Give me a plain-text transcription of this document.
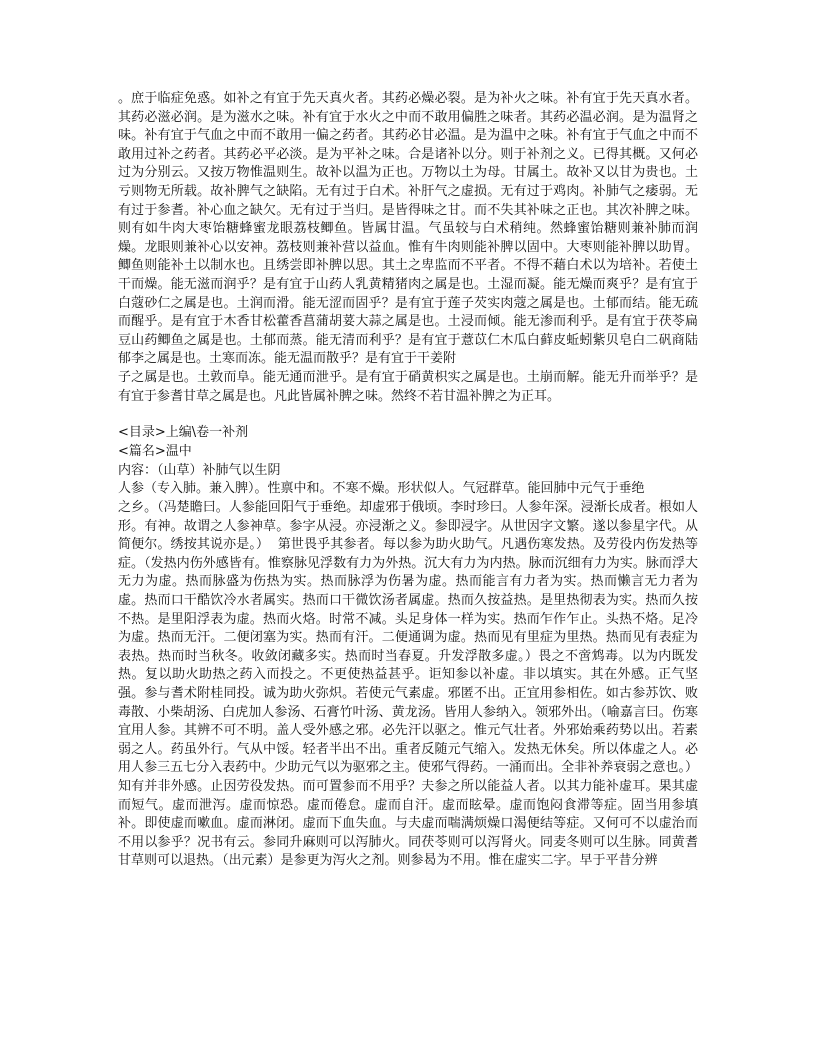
。庶于临症免惑。如补之有宜于先天真火者。其药必燥必裂。是为补火之味。补有宜于先天真水者。其药必滋必润。是为滋水之味。补有宜于水火之中而不敢用偏胜之味者。其药必温必润。是为温肾之味。补有宜于气血之中而不敢用一偏之药者。其药必甘必温。是为温中之味。补有宜于气血之中而不敢用过补之药者。其药必平必淡。是为平补之味。合是诸补以分。则于补剂之义。已得其概。又何必过为分别云。又按万物惟温则生。故补以温为正也。万物以土为母。甘属土。故补又以甘为贵也。土亏则物无所载。故补脾气之缺陷。无有过于白术。补肝气之虚损。无有过于鸡肉。补肺气之痿弱。无有过于参耆。补心血之缺欠。无有过于当归。是皆得味之甘。而不失其补味之正也。其次补脾之味。则有如牛肉大枣饴糖蜂蜜龙眼荔枝鲫鱼。皆属甘温。气虽较与白术稍纯。然蜂蜜饴糖则兼补肺而润燥。龙眼则兼补心以安神。荔枝则兼补营以益血。惟有牛肉则能补脾以固中。大枣则能补脾以助胃。鲫鱼则能补土以制水也。且绣尝即补脾以思。其土之卑监而不平者。不得不藉白术以为培补。若使土干而燥。能无滋而润乎？是有宜于山药人乳黄精猪肉之属是也。土湿而凝。能无燥而爽乎？是有宜于白蔻砂仁之属是也。土润而滑。能无涩而固乎？是有宜于莲子芡实肉蔻之属是也。土郁而结。能无疏而醒乎。是有宜于木香甘松藿香菖蒲胡荽大蒜之属是也。土浸而倾。能无渗而利乎。是有宜于茯苓扁豆山药鲫鱼之属是也。土郁而蒸。能无清而利乎？是有宜于薏苡仁木瓜白藓皮蚯蚓紫贝皂白二矾商陆郁李之属是也。土寒而冻。能无温而散乎？是有宜于干姜附
子之属是也。土敦而阜。能无通而泄乎。是有宜于硝黄枳实之属是也。土崩而解。能无升而举乎？是有宜于参耆甘草之属是也。凡此皆属补脾之味。然终不若甘温补脾之为正耳。

<目录>上编\卷一补剂

<篇名>温中

内容：（山草）补肺气以生阴

人参（专入肺。兼入脾）。性禀中和。不寒不燥。形状似人。气冠群草。能回肺中元气于垂绝
之乡。（冯楚瞻曰。人参能回阳气于垂绝。却虚邪于俄顷。李时珍曰。人参年深。浸渐长成者。根如人形。有神。故谓之人参神草。参字从浸。亦浸渐之义。参即浸字。从世因字文繁。遂以参星字代。从简便尔。绣按其说亦是。）  第世畏乎其参者。每以参为助火助气。凡遇伤寒发热。及劳役内伤发热等症。（发热内伤外感皆有。惟察脉见浮数有力为外热。沉大有力为内热。脉而沉细有力为实。脉而浮大无力为虚。热而脉盛为伤热为实。热而脉浮为伤暑为虚。热而能言有力者为实。热而懒言无力者为虚。热而口干酷饮冷水者属实。热而口干微饮汤者属虚。热而久按益热。是里热彻表为实。热而久按不热。是里阳浮表为虚。热而火烙。时常不减。头足身体一样为实。热而乍作乍止。头热不烙。足冷为虚。热而无汗。二便闭塞为实。热而有汗。二便通调为虚。热而见有里症为里热。热而见有表症为表热。热而时当秋冬。收敛闭藏多实。热而时当春夏。升发浮散多虚。）畏之不啻鸩毒。以为内既发热。复以助火助热之药入而投之。不更使热益甚乎。讵知参以补虚。非以填实。其在外感。正气坚强。参与耆术附桂同投。诚为助火弥炽。若使元气素虚。邪匿不出。正宜用参相佐。如古参苏饮、败毒散、小柴胡汤、白虎加人参汤、石膏竹叶汤、黄龙汤。皆用人参纳入。领邪外出。（喻嘉言曰。伤寒宜用人参。其辨不可不明。盖人受外感之邪。必先汗以驱之。惟元气壮者。外邪始乘药势以出。若素弱之人。药虽外行。气从中馁。轻者半出不出。重者反随元气缩入。发热无休矣。所以体虚之人。必用人参三五七分入表药中。少助元气以为驱邪之主。使邪气得药。一涌而出。全非补养衰弱之意也。）知有并非外感。止因劳役发热。而可置参而不用乎？夫参之所以能益人者。以其力能补虚耳。果其虚而短气。虚而泄泻。虚而惊恐。虚而倦怠。虚而自汗。虚而眩晕。虚而饱闷食滞等症。固当用参填补。即使虚而嗽血。虚而淋闭。虚而下血失血。与夫虚而喘满烦燥口渴便结等症。又何可不以虚治而不用以参乎？况书有云。参同升麻则可以泻肺火。同茯苓则可以泻肾火。同麦冬则可以生脉。同黄耆甘草则可以退热。（出元素）是参更为泻火之剂。则参曷为不用。惟在虚实二字。早于平昔分辨
